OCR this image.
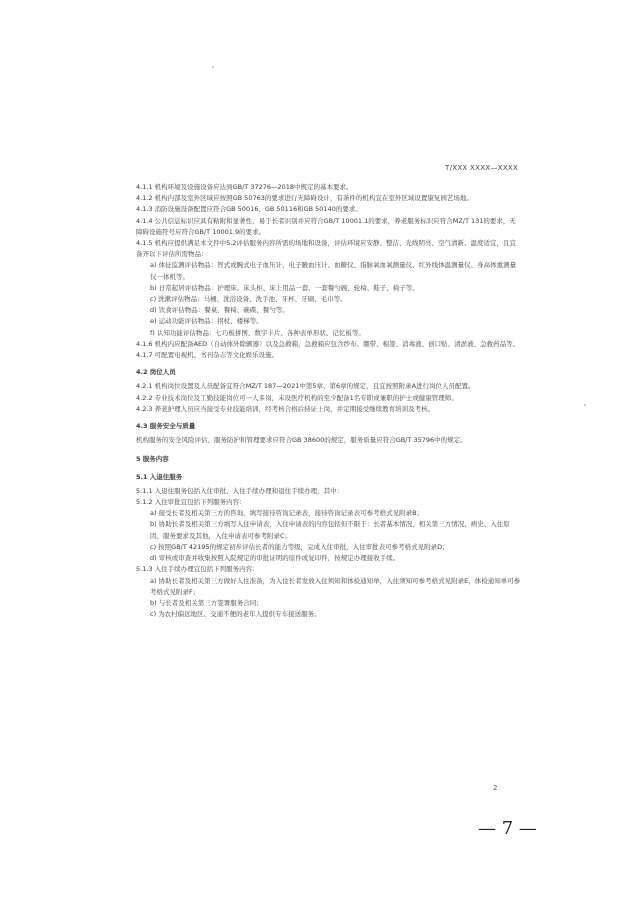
T/XXX XXXX—XXXX

4.1.1 机构环境及设施设备应达到GB/T 37276—2018中规定的基本要求。

4.1.2 机构内部及室外区域应按照GB 50763的要求进行无障碍设计，有条件的机构宜在室外区域设置康复园艺场地。

4.1.3 消防设施设备配置应符合GB 50016、GB 50116和GB 50140的要求。

4.1.4 公共信息标识应具有粘附和显著性，易于长者识别并应符合GB/T 10001.1的要求，养老服务标识应符合MZ/T 131的要求，无障碍设施符号应符合GB/T 10001.9的要求。

4.1.5 机构应提供满足本文件中5.2评估服务内容所需的场地和设备，评估环境应安静、整洁、光线明亮、空气清新、温度适宜，且宜备齐以下评估所需物品：

a) 体征监测评估物品：智式或腕式电子血压计、电子腋血压计、血糖仪、指脉氧血氧测量仪、红外线体温测量仪、身高体重测量仪一体机等。

b) 日常起居评估物品：护理床、床头柜、床上用品一套、一套餐勺碗、轮椅、鞋子、椅子等。

c) 洗漱评估物品：马桶、洗浴设备、洗手池、牙杯、牙刷、毛巾等。

d) 饮食评估物品：餐桌、餐椅、碗碟、餐勺等。

e) 运动功能评估物品：拐杖、楼梯等。

f) 认知功能评估物品：七巧板拼图、数字卡片、各种表单形状、记忆板等。

4.1.6 机构内应配备AED（自动体外除颤器）以及急救箱，急救箱应包含纱布、绷带、棉签、消毒液、创口贴、清淤液、急救药品等。

4.1.7 可配置电视机、书刊杂志等文化娱乐设施。

4.2 岗位人员

4.2.1 机构岗位设置及人员配备宜符合MZ/T 187—2021中第5章、第6章的规定，且宜按照附录A进行岗位人员配置。

4.2.2 专业技术岗位及工勤技能岗位可一人多岗，未设医疗机构的至少配备1名专职或兼职的护士或健康管理师。

4.2.3 养老护理人员应当接受专业技能培训，经考核合格后持证上岗，并定期接受继续教育培训及考核。

4.3 服务安全与质量

机构服务的安全风险评估、服务防护和管理要求应符合GB 38600的规定，服务质量应符合GB/T 35796中的规定。

5 服务内容
5.1 入退住服务

5.1.1 入退住服务包括入住审批、入住手续办理和退住手续办理，其中：

5.1.2 入住审批宜包括下列服务内容：

a) 接受长者及相关第三方的咨询，填写接待咨询记录表，接待咨询记录表可参考格式见附录B；

b) 协助长者及相关第三方填写入住申请表，入住申请表的内容包括但不限于：长者基本情况、相关第三方情况、病史、入住原因、服务要求及其他，入住申请表可参考附录C；

c) 按照GB/T 42195的规定初步评估长者的能力等级，完成入住审批，入住审批表可参考格式见附录D；

d) 审核或审查并收集按照入院规定的审批证明的原件或复印件，按规定办理接收手续。

5.1.3 入住手续办理宜包括下列服务内容：

a) 协助长者及相关第三方做好入住准备，为入住长者发放入住须知和体检通知单，入住须知可参考格式见附录E，体检通知单可参考格式见附录F；

b) 与长者及相关第三方签署服务合同；

c) 为农村偏远地区、交通不便的老年人提供专车接送服务。

2
— 7 —
